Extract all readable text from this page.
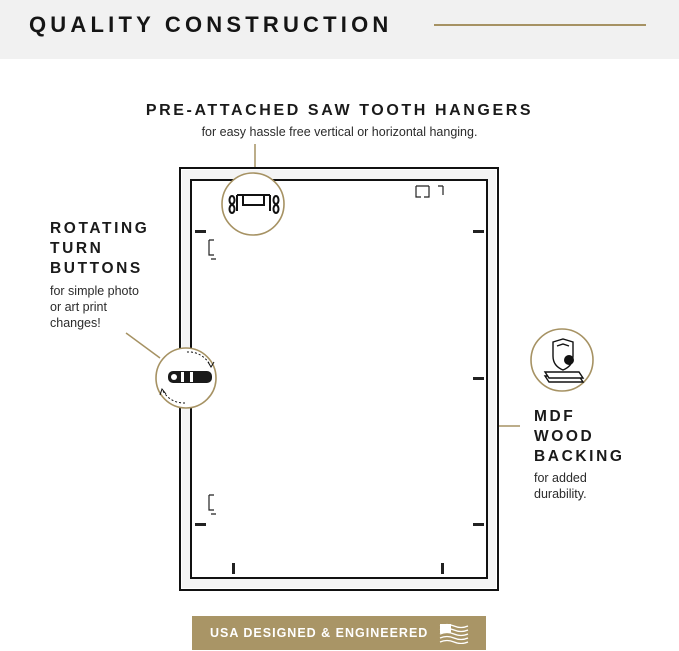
QUALITY CONSTRUCTION
PRE-ATTACHED SAW TOOTH HANGERS
for easy hassle free vertical or horizontal hanging.
ROTATING
TURN
BUTTONS
for simple photo
or art print
changes!
MDF
WOOD
BACKING
for added
durability.
USA DESIGNED & ENGINEERED
